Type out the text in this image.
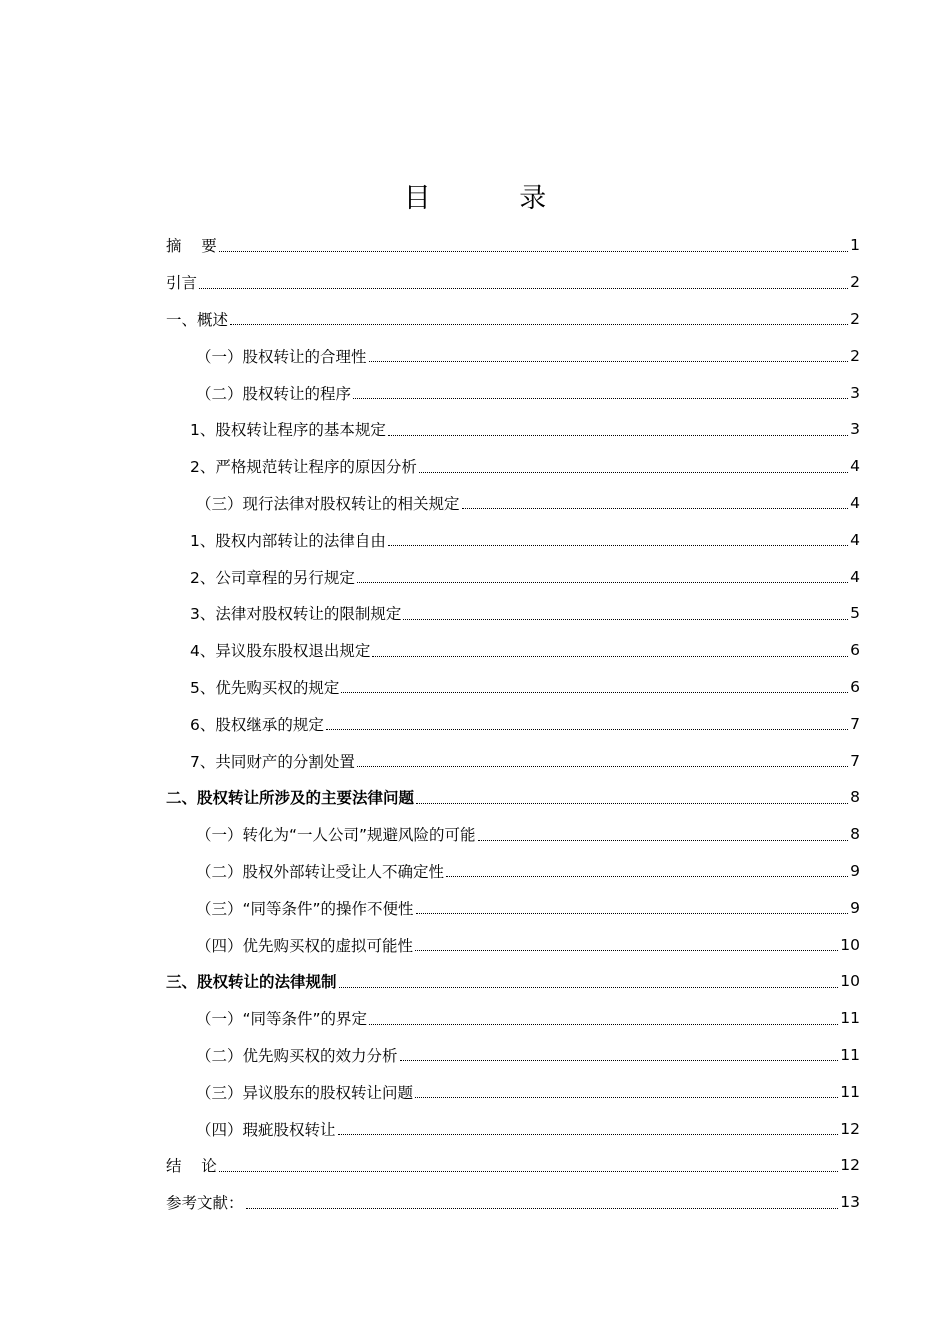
目 录
摘    要	1
引言	2
一、概述	2
（一）股权转让的合理性	2
（二）股权转让的程序	3
1、股权转让程序的基本规定	3
2、严格规范转让程序的原因分析	4
（三）现行法律对股权转让的相关规定	4
1、股权内部转让的法律自由	4
2、公司章程的另行规定	4
3、法律对股权转让的限制规定	5
4、异议股东股权退出规定	6
5、优先购买权的规定	6
6、股权继承的规定	7
7、共同财产的分割处置	7
二、股权转让所涉及的主要法律问题	8
（一）转化为“一人公司”规避风险的可能	8
（二）股权外部转让受让人不确定性	9
（三）“同等条件”的操作不便性	9
（四）优先购买权的虚拟可能性	10
三、股权转让的法律规制	10
（一）“同等条件”的界定	11
（二）优先购买权的效力分析	11
（三）异议股东的股权转让问题	11
（四）瑕疵股权转让	12
结    论	12
参考文献：	13
